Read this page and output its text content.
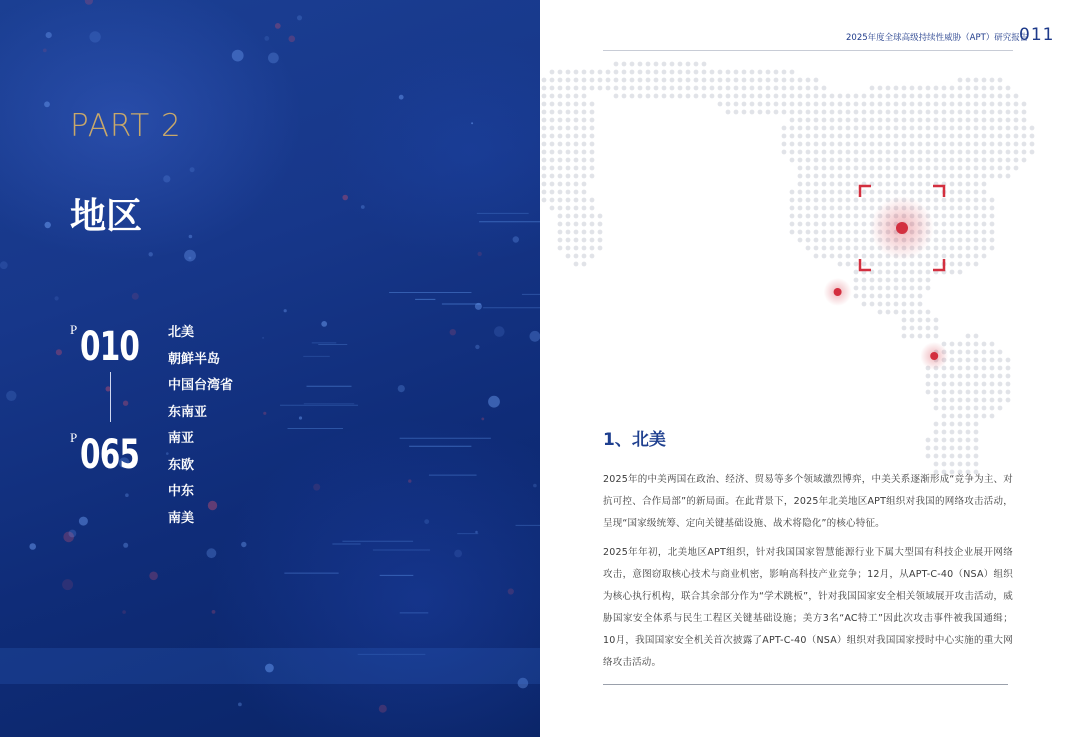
PART 2
地区
P 010
P 065
北美
朝鲜半岛
中国台湾省
东南亚
南亚
东欧
中东
南美
2025年度全球高级持续性威胁（APT）研究报告
011
1、北美

2025年的中美两国在政治、经济、贸易等多个领域激烈博弈，中美关系逐渐形成“竞争为主、对抗可控、合作局部”的新局面。在此背景下，2025年北美地区APT组织对我国的网络攻击活动，呈现“国家级统筹、定向关键基础设施、战术将隐化”的核心特征。

2025年年初，北美地区APT组织，针对我国国家智慧能源行业下属大型国有科技企业展开网络攻击，意图窃取核心技术与商业机密，影响高科技产业竞争；12月，从APT-C-40（NSA）组织为核心执行机构，联合其余部分作为“学术跳板”，针对我国国家安全相关领域展开攻击活动，威胁国家安全体系与民生工程区关键基础设施；美方3名“AC特工”因此次攻击事件被我国通缉；10月，我国国家安全机关首次披露了APT-C-40（NSA）组织对我国国家授时中心实施的重大网络攻击活动。
